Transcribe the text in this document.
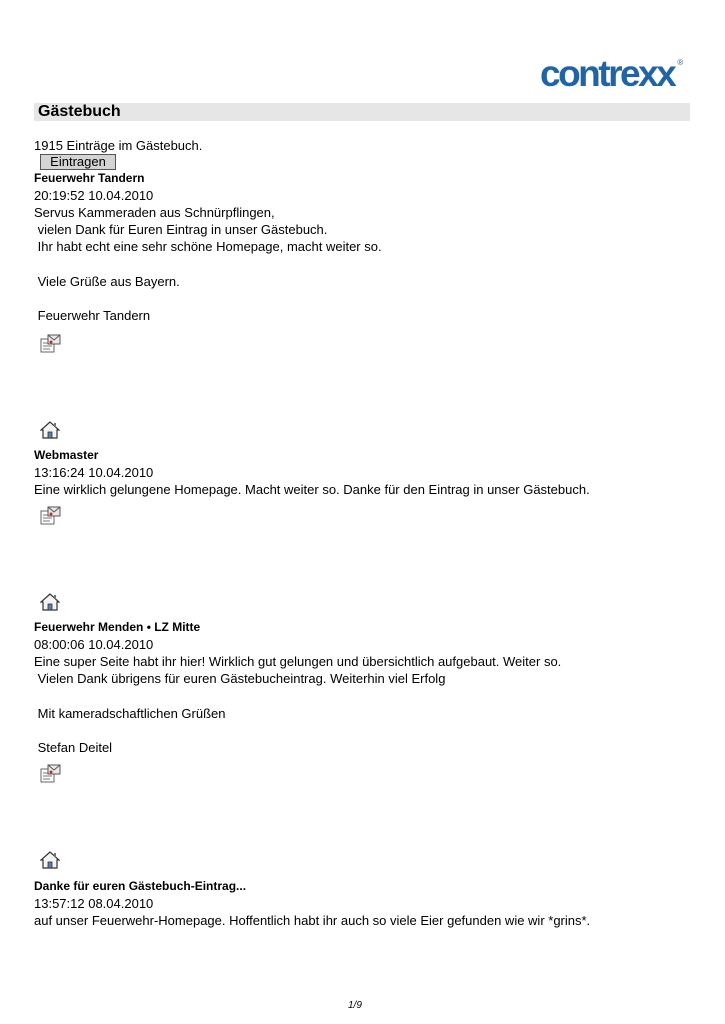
contrexx ®
Gästebuch
1915 Einträge im Gästebuch.
Eintragen
Feuerwehr Tandern
20:19:52 10.04.2010
Servus Kammeraden aus Schnürpflingen,
vielen Dank für Euren Eintrag in unser Gästebuch.
Ihr habt echt eine sehr schöne Homepage, macht weiter so.

Viele Grüße aus Bayern.

Feuerwehr Tandern
Webmaster
13:16:24 10.04.2010
Eine wirklich gelungene Homepage. Macht weiter so. Danke für den Eintrag in unser Gästebuch.
Feuerwehr Menden • LZ Mitte
08:00:06 10.04.2010
Eine super Seite habt ihr hier! Wirklich gut gelungen und übersichtlich aufgebaut. Weiter so.
Vielen Dank übrigens für euren Gästebucheintrag. Weiterhin viel Erfolg

Mit kameradschaftlichen Grüßen

Stefan Deitel
Danke für euren Gästebuch-Eintrag...
13:57:12 08.04.2010
auf unser Feuerwehr-Homepage. Hoffentlich habt ihr auch so viele Eier gefunden wie wir *grins*.
1/9
